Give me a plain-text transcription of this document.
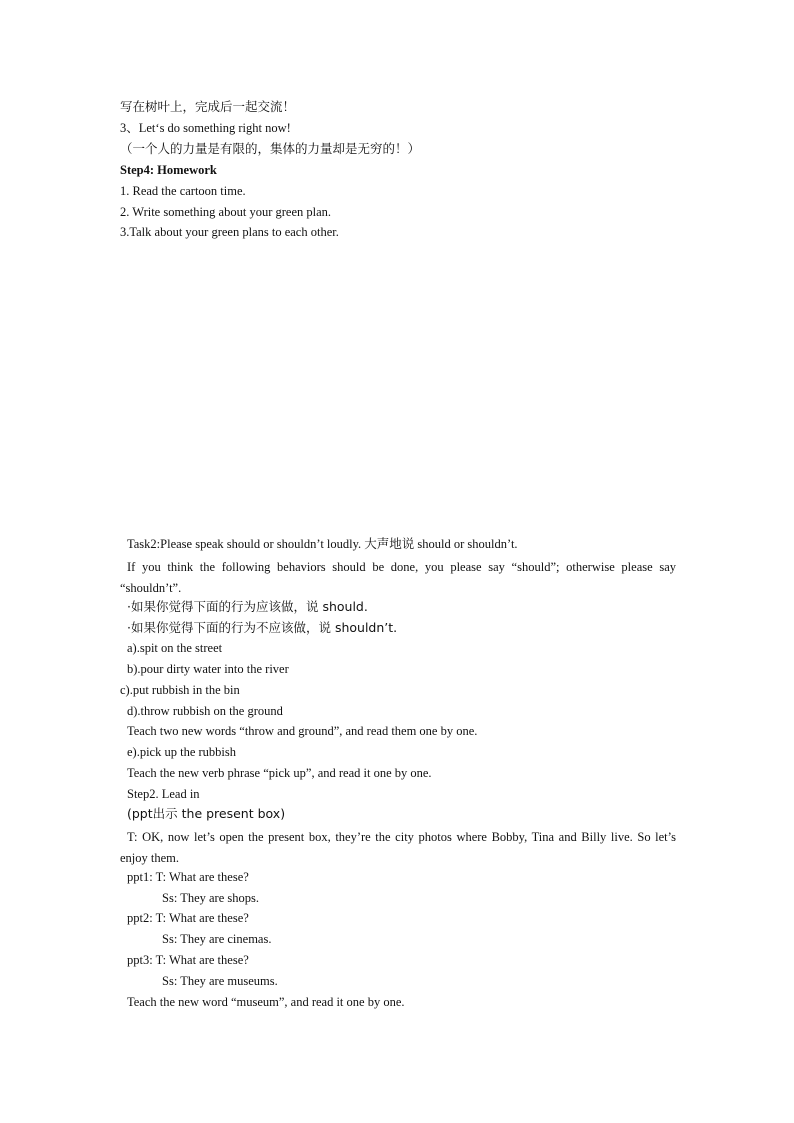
写在树叶上，完成后一起交流！
3、Let‘s do something right now!
（一个人的力量是有限的，集体的力量却是无穷的！）
Step4: Homework
1. Read the cartoon time.
2. Write something about your green plan.
3.Talk about your green plans to each other.
Task2:Please speak should or shouldn’t loudly. 大声地说 should or shouldn’t.
If you think the following behaviors should be done, you please say “should”; otherwise please say “shouldn’t”.
·如果你觉得下面的行为应该做，说 should.
·如果你觉得下面的行为不应该做，说 shouldn’t.
a).spit on the street
b).pour dirty water into the river
c).put rubbish in the bin
d).throw rubbish on the ground
Teach two new words “throw and ground”, and read them one by one.
e).pick up the rubbish
Teach the new verb phrase “pick up”, and read it one by one.
Step2. Lead in
(ppt出示 the present box)
T: OK, now let’s open the present box, they’re the city photos where Bobby, Tina and Billy live. So let’s enjoy them.
ppt1: T: What are these?
Ss: They are shops.
ppt2: T: What are these?
Ss: They are cinemas.
ppt3: T: What are these?
Ss: They are museums.
Teach the new word “museum”, and read it one by one.
